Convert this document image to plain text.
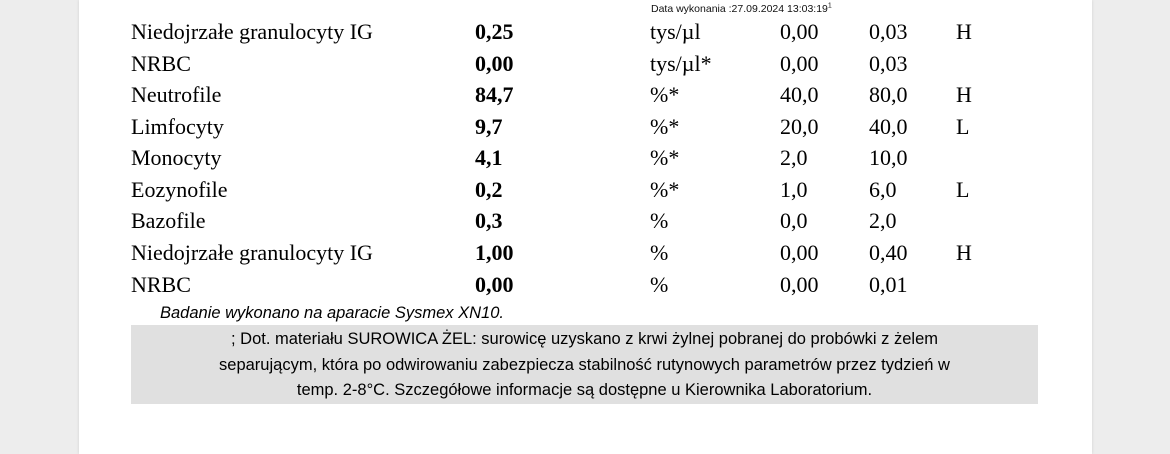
Data wykonania :27.09.2024 $13:03:19^1$
Niedojrzałe granulocyty IG	0,25	tys/µl	0,00 0,03 H
NRBC	0,00	tys/µl*	0,00 0,03
Neutrofile	84,7	%*	40,0 80,0 H
Limfocyty	9,7	%*	20,0 40,0 L
Monocyty	4,1	%*	2,0	10,0
Eozynofile	0,2	%*	1,0	6,0	L
Bazofile	0,3	%	0,0	2,0
Niedojrzałe granulocyty IG	1,00	%	0,00 0,40 H
NRBC	0,00	%	0,00 0,01
Badanie wykonano na aparacie Sysmex XN10.
; Dot. materiału SUROWICA ŻEL: surowicę uzyskano z krwi żylnej pobranej do probówki z żelem
separującym, która po odwirowaniu zabezpiecza stabilność rutynowych parametrów przez tydzień w
temp. 2-8°C. Szczegółowe informacje są dostępne u Kierownika Laboratorium.
